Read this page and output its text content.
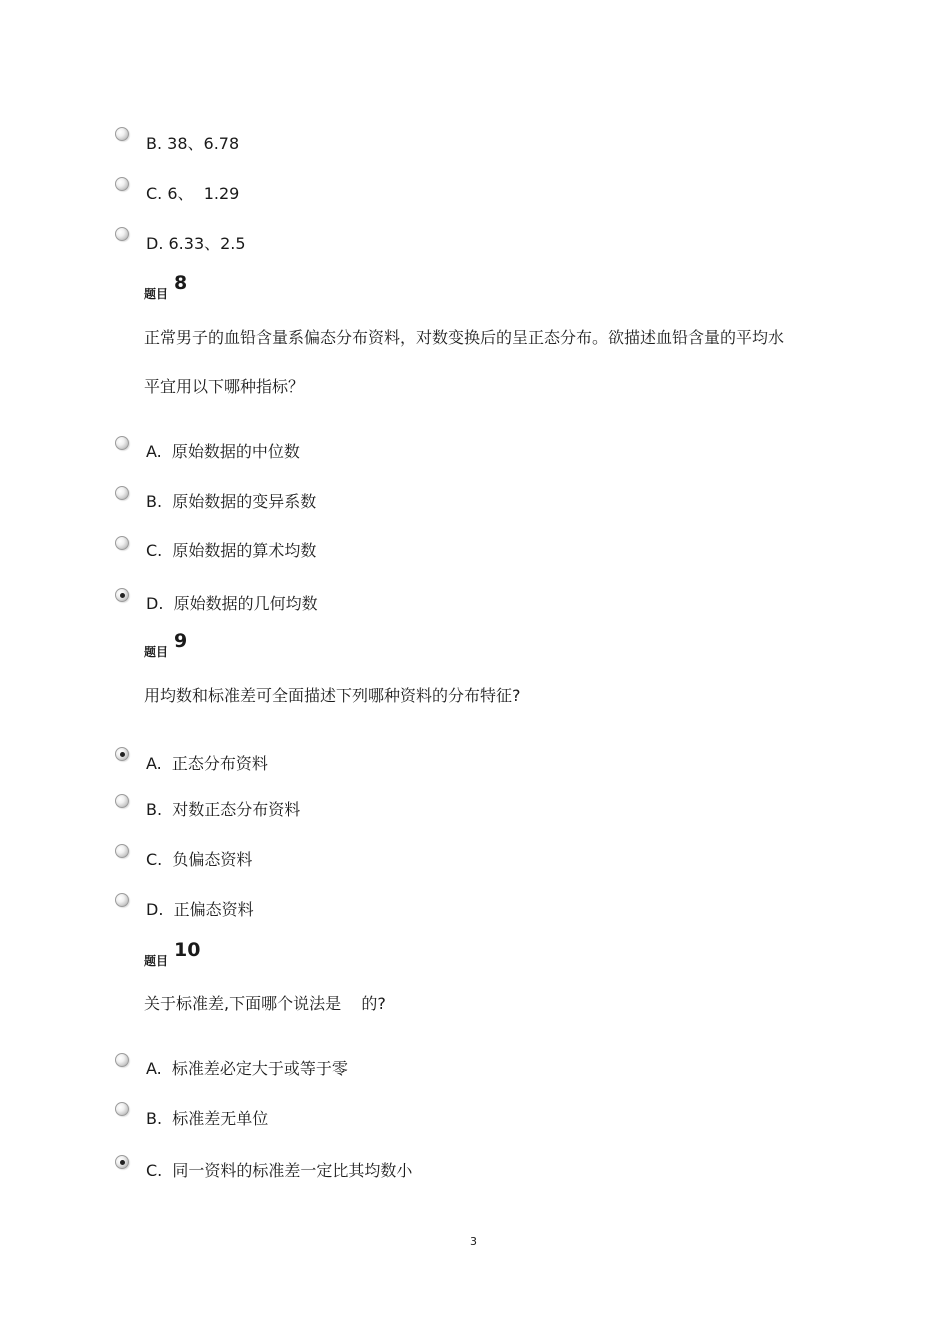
B. 38、6.78
C. 6、  1.29
D. 6.33、2.5
题目 8
正常男子的血铅含量系偏态分布资料，对数变换后的呈正态分布。欲描述血铅含量的平均水
平宜用以下哪种指标？
A.  原始数据的中位数
B.  原始数据的变异系数
C.  原始数据的算术均数
D.  原始数据的几何均数
题目 9
用均数和标准差可全面描述下列哪种资料的分布特征?
A.  正态分布资料
B.  对数正态分布资料
C.  负偏态资料
D.  正偏态资料
题目 10
关于标准差,下面哪个说法是    的?
A.  标准差必定大于或等于零
B.  标准差无单位
C.  同一资料的标准差一定比其均数小
3
